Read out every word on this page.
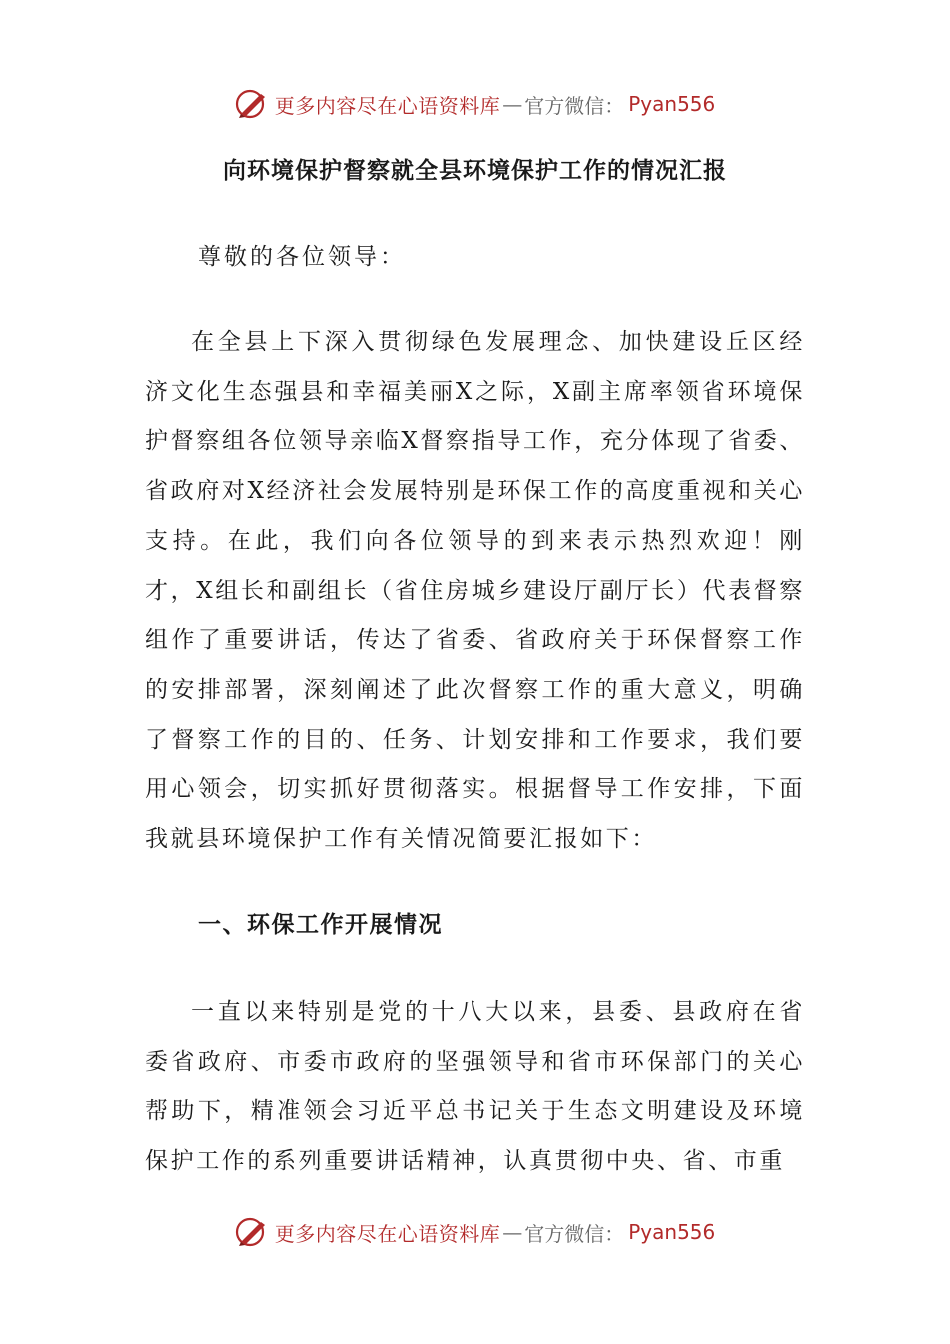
更多内容尽在心语资料库 — 官方微信： Pyan556
向环境保护督察就全县环境保护工作的情况汇报
尊敬的各位领导：

在全县上下深入贯彻绿色发展理念、加快建设丘区经济文化生态强县和幸福美丽X之际，X副主席率领省环境保护督察组各位领导亲临X督察指导工作，充分体现了省委、省政府对X经济社会发展特别是环保工作的高度重视和关心支持。在此，我们向各位领导的到来表示热烈欢迎！刚才，X组长和副组长（省住房城乡建设厅副厅长）代表督察组作了重要讲话，传达了省委、省政府关于环保督察工作的安排部署，深刻阐述了此次督察工作的重大意义，明确了督察工作的目的、任务、计划安排和工作要求，我们要用心领会，切实抓好贯彻落实。根据督导工作安排，下面我就县环境保护工作有关情况简要汇报如下：

一、环保工作开展情况

一直以来特别是党的十八大以来，县委、县政府在省委省政府、市委市政府的坚强领导和省市环保部门的关心帮助下，精准领会习近平总书记关于生态文明建设及环境保护工作的系列重要讲话精神，认真贯彻中央、省、市重

更多内容尽在心语资料库 — 官方微信： Pyan556
